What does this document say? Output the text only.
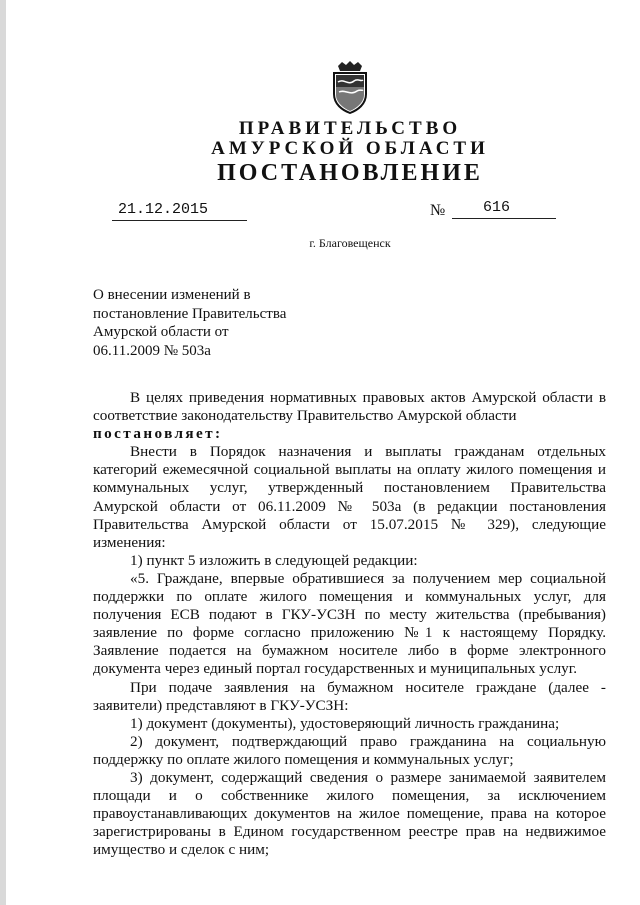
ПРАВИТЕЛЬСТВО
АМУРСКОЙ ОБЛАСТИ
ПОСТАНОВЛЕНИЕ
21.12.2015	№	616
г. Благовещенск
О внесении изменений в
постановление Правительства
Амурской области от
06.11.2009 № 503а

В целях приведения нормативных правовых актов Амурской области в соответствие законодательству Правительство Амурской области

постановляет:

Внести в Порядок назначения и выплаты гражданам отдельных категорий ежемесячной социальной выплаты на оплату жилого помещения и коммунальных услуг, утвержденный постановлением Правительства Амурской области от 06.11.2009 № 503а (в редакции постановления Правительства Амурской области от 15.07.2015 № 329), следующие изменения:

1) пункт 5 изложить в следующей редакции:

«5. Граждане, впервые обратившиеся за получением мер социальной поддержки по оплате жилого помещения и коммунальных услуг, для получения ЕСВ подают в ГКУ-УСЗН по месту жительства (пребывания) заявление по форме согласно приложению №1 к настоящему Порядку. Заявление подается на бумажном носителе либо в форме электронного документа через единый портал государственных и муниципальных услуг.

При подаче заявления на бумажном носителе граждане (далее - заявители) представляют в ГКУ-УСЗН:

1) документ (документы), удостоверяющий личность гражданина;

2) документ, подтверждающий право гражданина на социальную поддержку по оплате жилого помещения и коммунальных услуг;

3) документ, содержащий сведения о размере занимаемой заявителем площади и о собственнике жилого помещения, за исключением правоустанавливающих документов на жилое помещение, права на которое зарегистрированы в Едином государственном реестре прав на недвижимое имущество и сделок с ним;
